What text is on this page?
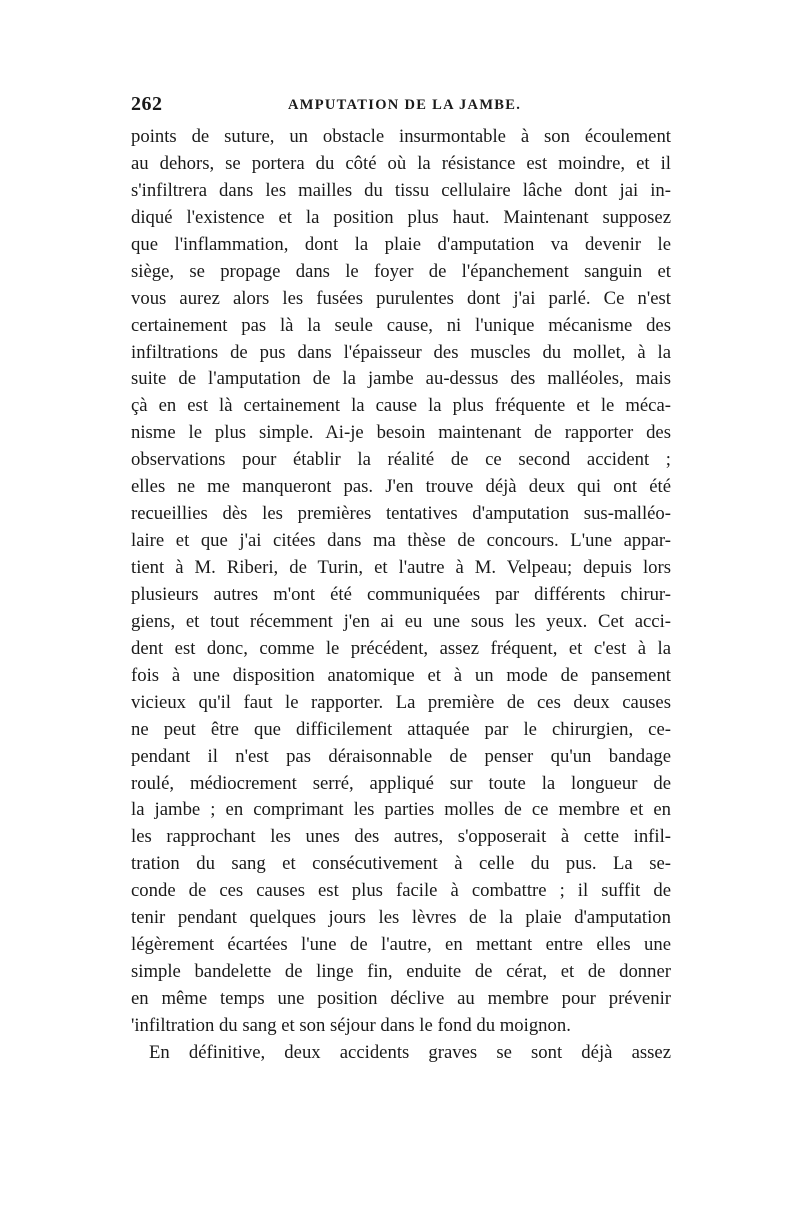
262	AMPUTATION DE LA JAMBE.
points de suture, un obstacle insurmontable à son écoulement
au dehors, se portera du côté où la résistance est moindre, et il
s'infiltrera dans les mailles du tissu cellulaire lâche dont jai in-
diqué l'existence et la position plus haut. Maintenant supposez
que l'inflammation, dont la plaie d'amputation va devenir le
siège, se propage dans le foyer de l'épanchement sanguin et
vous aurez alors les fusées purulentes dont j'ai parlé. Ce n'est
certainement pas là la seule cause, ni l'unique mécanisme des
infiltrations de pus dans l'épaisseur des muscles du mollet, à la
suite de l'amputation de la jambe au-dessus des malléoles, mais
çà en est là certainement la cause la plus fréquente et le méca-
nisme le plus simple. Ai-je besoin maintenant de rapporter des
observations pour établir la réalité de ce second accident ;
elles ne me manqueront pas. J'en trouve déjà deux qui ont été
recueillies dès les premières tentatives d'amputation sus-malléo-
laire et que j'ai citées dans ma thèse de concours. L'une appar-
tient à M. Riberi, de Turin, et l'autre à M. Velpeau; depuis lors
plusieurs autres m'ont été communiquées par différents chirur-
giens, et tout récemment j'en ai eu une sous les yeux. Cet acci-
dent est donc, comme le précédent, assez fréquent, et c'est à la
fois à une disposition anatomique et à un mode de pansement
vicieux qu'il faut le rapporter. La première de ces deux causes
ne peut être que difficilement attaquée par le chirurgien, ce-
pendant il n'est pas déraisonnable de penser qu'un bandage
roulé, médiocrement serré, appliqué sur toute la longueur de
la jambe ; en comprimant les parties molles de ce membre et en
les rapprochant les unes des autres, s'opposerait à cette infil-
tration du sang et consécutivement à celle du pus. La se-
conde de ces causes est plus facile à combattre ; il suffit de
tenir pendant quelques jours les lèvres de la plaie d'amputation
légèrement écartées l'une de l'autre, en mettant entre elles une
simple bandelette de linge fin, enduite de cérat, et de donner
en même temps une position déclive au membre pour prévenir
'infiltration du sang et son séjour dans le fond du moignon.
En définitive, deux accidents graves se sont déjà assez
